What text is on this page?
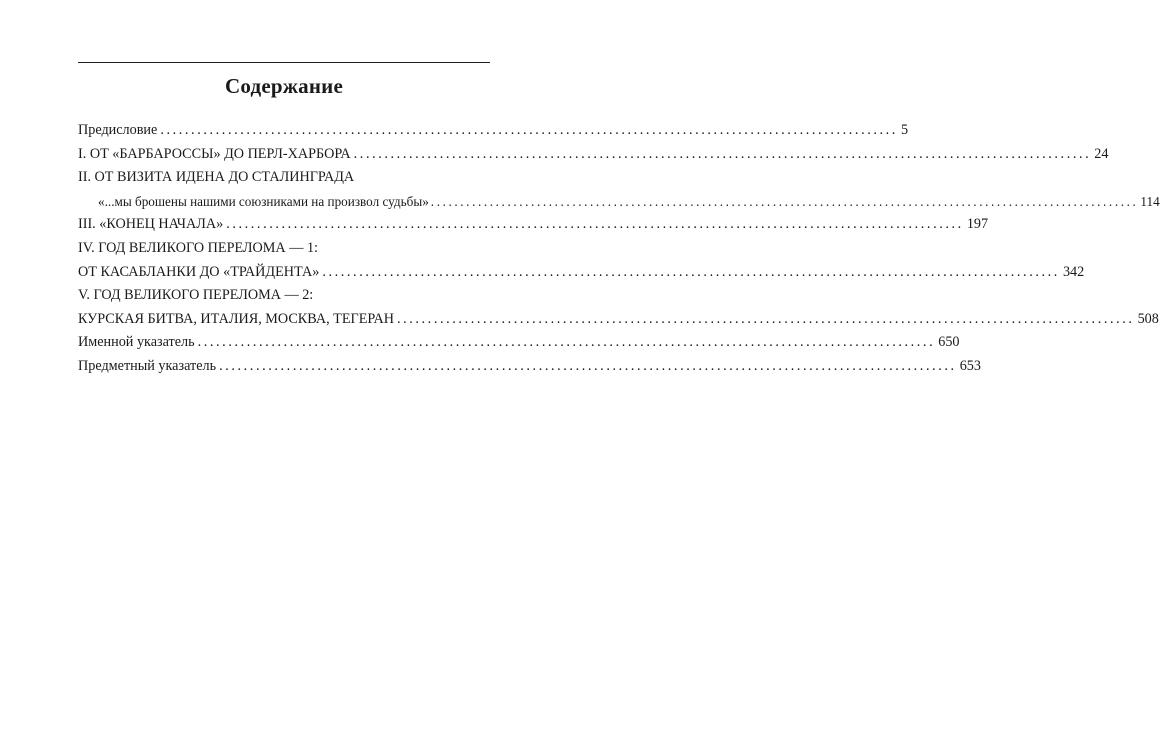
Содержание
Предисловие ........................................................................................................................ 5
I. ОТ «БАРБАРОССЫ» ДО ПЕРЛ-ХАРБОРА ........................................................................................................................ 24
II. ОТ ВИЗИТА ИДЕНА ДО СТАЛИНГРАДА
«...мы брошены нашими союзниками на произвол судьбы» ........................................................................................................................ 114
III. «КОНЕЦ НАЧАЛА» ........................................................................................................................ 197
IV. ГОД ВЕЛИКОГО ПЕРЕЛОМА — 1:
ОТ КАСАБЛАНКИ ДО «ТРАЙДЕНТА» ........................................................................................................................ 342
V. ГОД ВЕЛИКОГО ПЕРЕЛОМА — 2:
КУРСКАЯ БИТВА, ИТАЛИЯ, МОСКВА, ТЕГЕРАН ........................................................................................................................ 508
Именной указатель ........................................................................................................................ 650
Предметный указатель ........................................................................................................................ 653
